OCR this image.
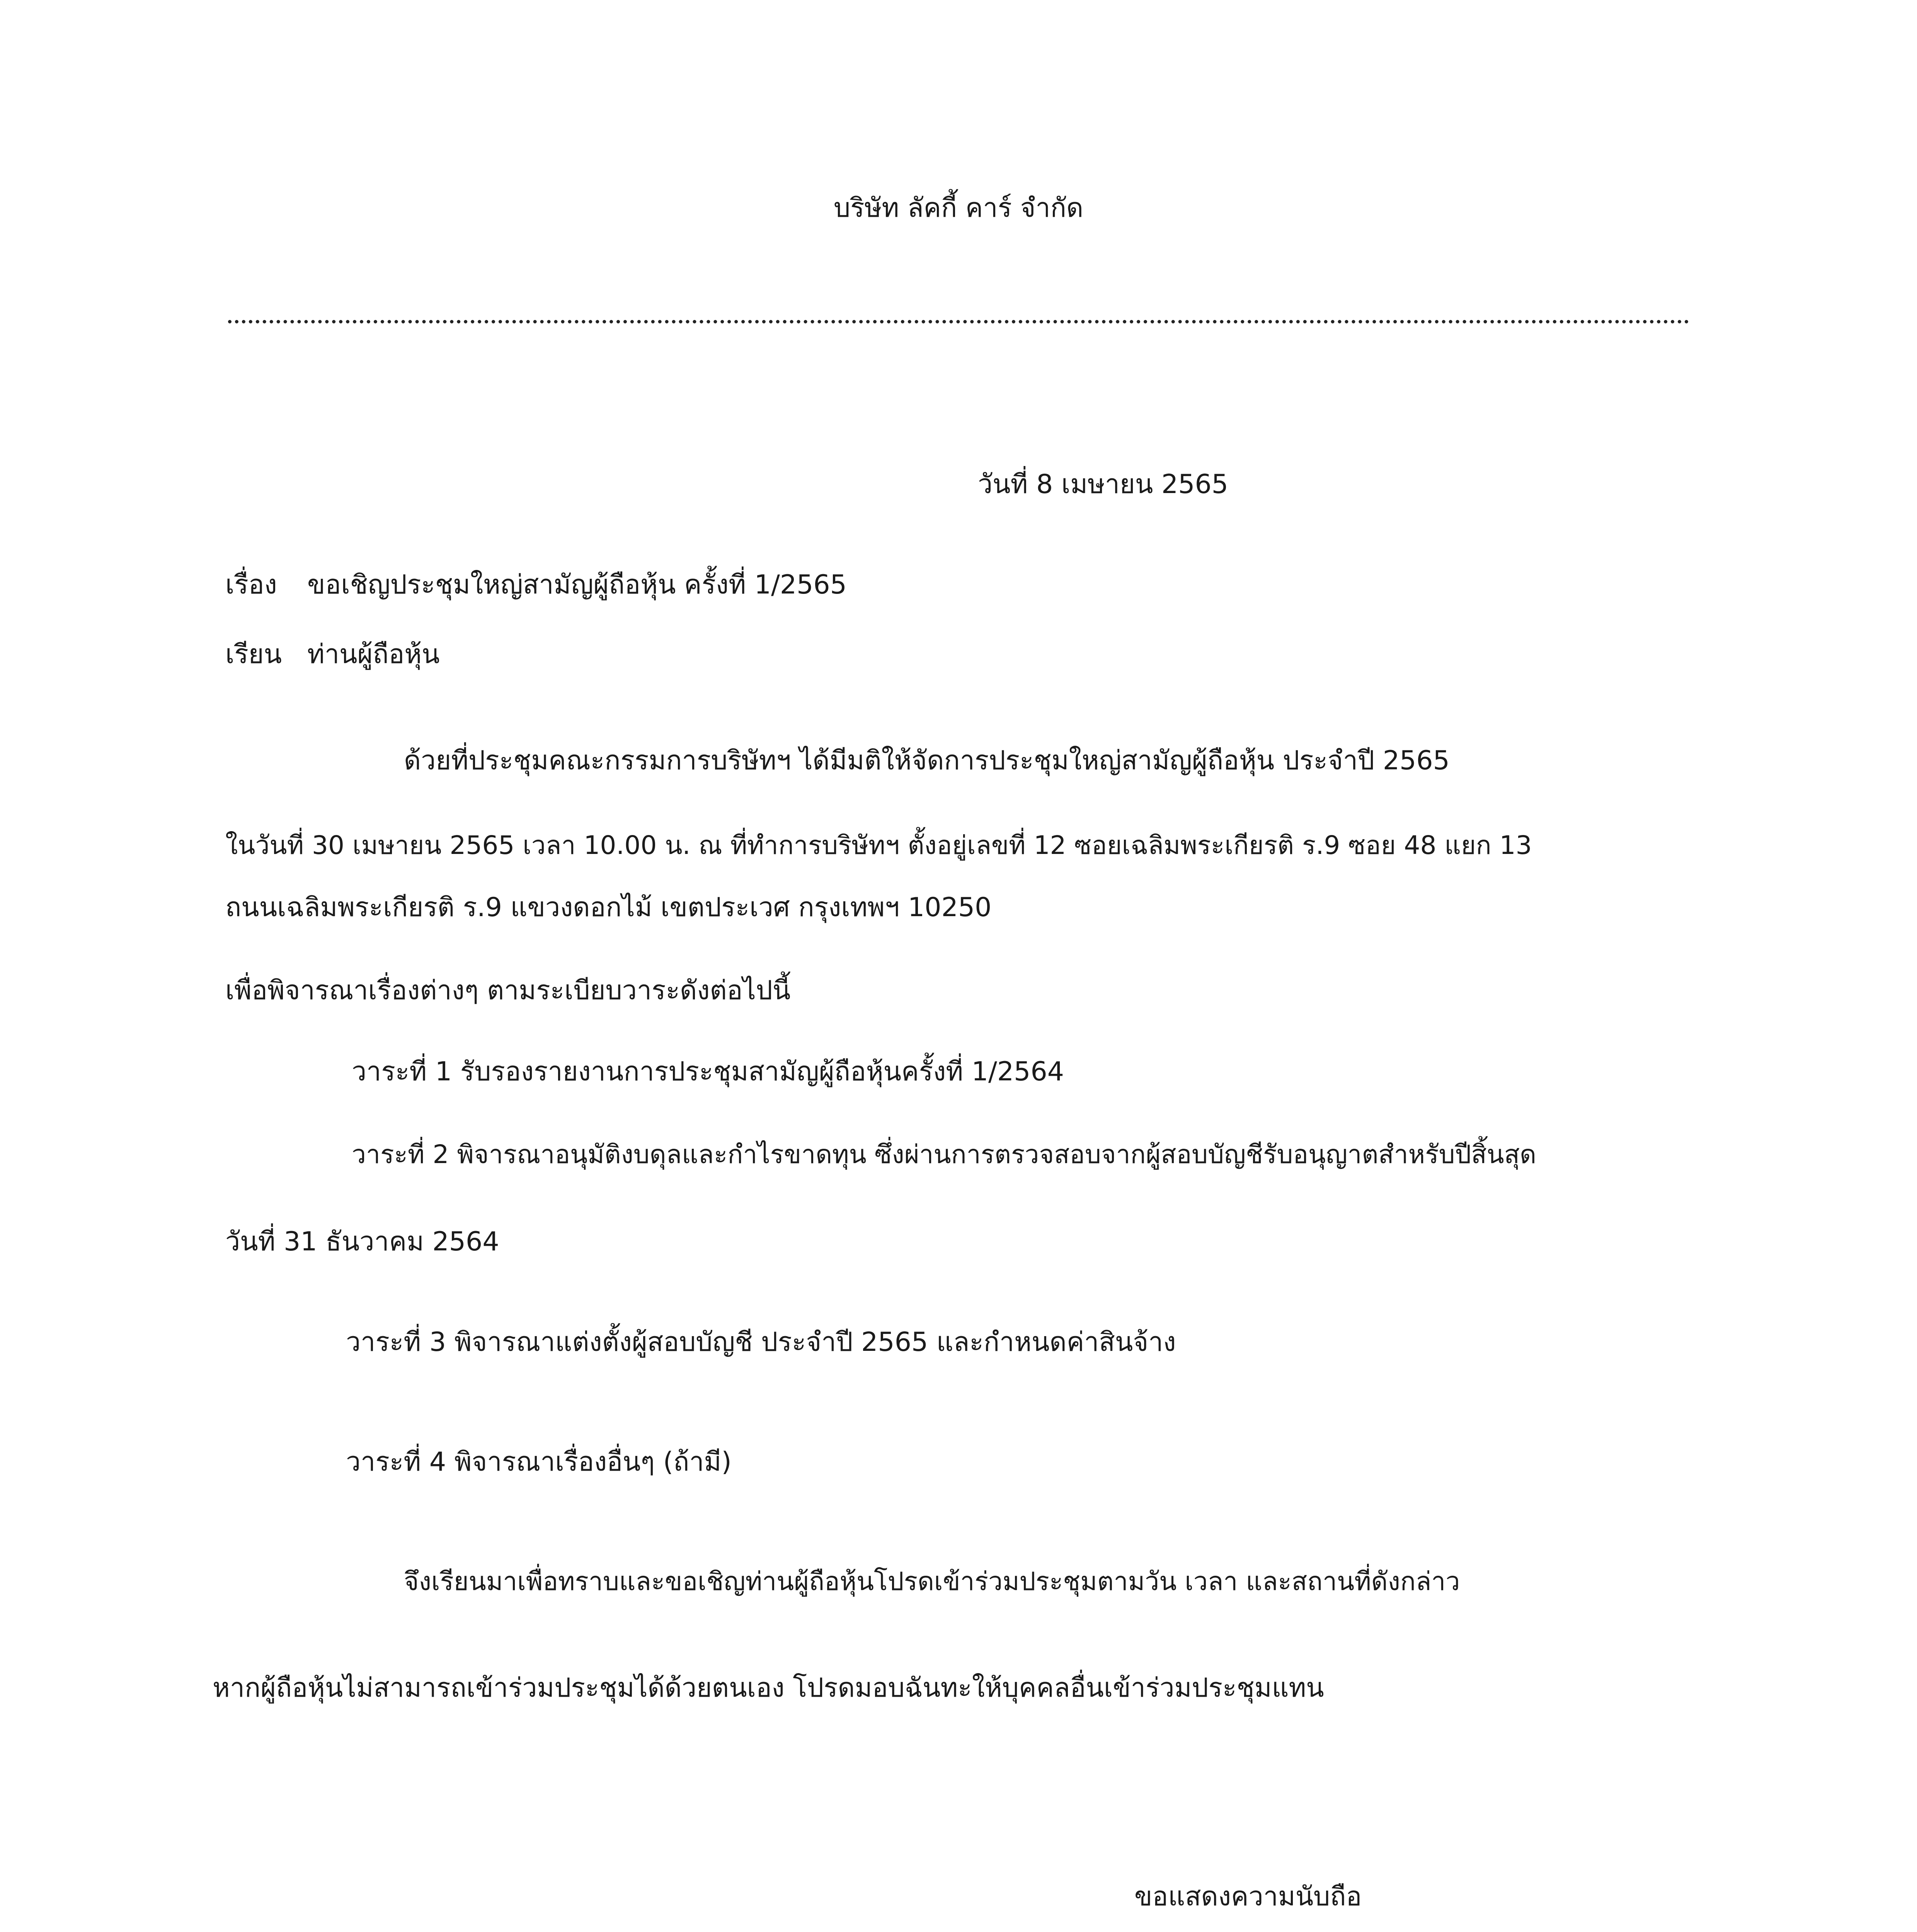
บริษัท ลัคกี้ คาร์ จำกัด
วันที่ 8 เมษายน 2565
เรื่อง ขอเชิญประชุมใหญ่สามัญผู้ถือหุ้น ครั้งที่ 1/2565
เรียน ท่านผู้ถือหุ้น
ด้วยที่ประชุมคณะกรรมการบริษัทฯ ได้มีมติให้จัดการประชุมใหญ่สามัญผู้ถือหุ้น ประจำปี 2565
ในวันที่ 30 เมษายน 2565 เวลา 10.00 น. ณ ที่ทำการบริษัทฯ ตั้งอยู่เลขที่ 12 ซอยเฉลิมพระเกียรติ ร.9 ซอย 48 แยก 13
ถนนเฉลิมพระเกียรติ ร.9 แขวงดอกไม้ เขตประเวศ กรุงเทพฯ 10250
เพื่อพิจารณาเรื่องต่างๆ ตามระเบียบวาระดังต่อไปนี้
วาระที่ 1 รับรองรายงานการประชุมสามัญผู้ถือหุ้นครั้งที่ 1/2564
วาระที่ 2 พิจารณาอนุมัติงบดุลและกำไรขาดทุน ซึ่งผ่านการตรวจสอบจากผู้สอบบัญชีรับอนุญาตสำหรับปีสิ้นสุด
วันที่ 31 ธันวาคม 2564
วาระที่ 3 พิจารณาแต่งตั้งผู้สอบบัญชี ประจำปี 2565 และกำหนดค่าสินจ้าง
วาระที่ 4 พิจารณาเรื่องอื่นๆ (ถ้ามี)
จึงเรียนมาเพื่อทราบและขอเชิญท่านผู้ถือหุ้นโปรดเข้าร่วมประชุมตามวัน เวลา และสถานที่ดังกล่าว
หากผู้ถือหุ้นไม่สามารถเข้าร่วมประชุมได้ด้วยตนเอง โปรดมอบฉันทะให้บุคคลอื่นเข้าร่วมประชุมแทน
ขอแสดงความนับถือ
